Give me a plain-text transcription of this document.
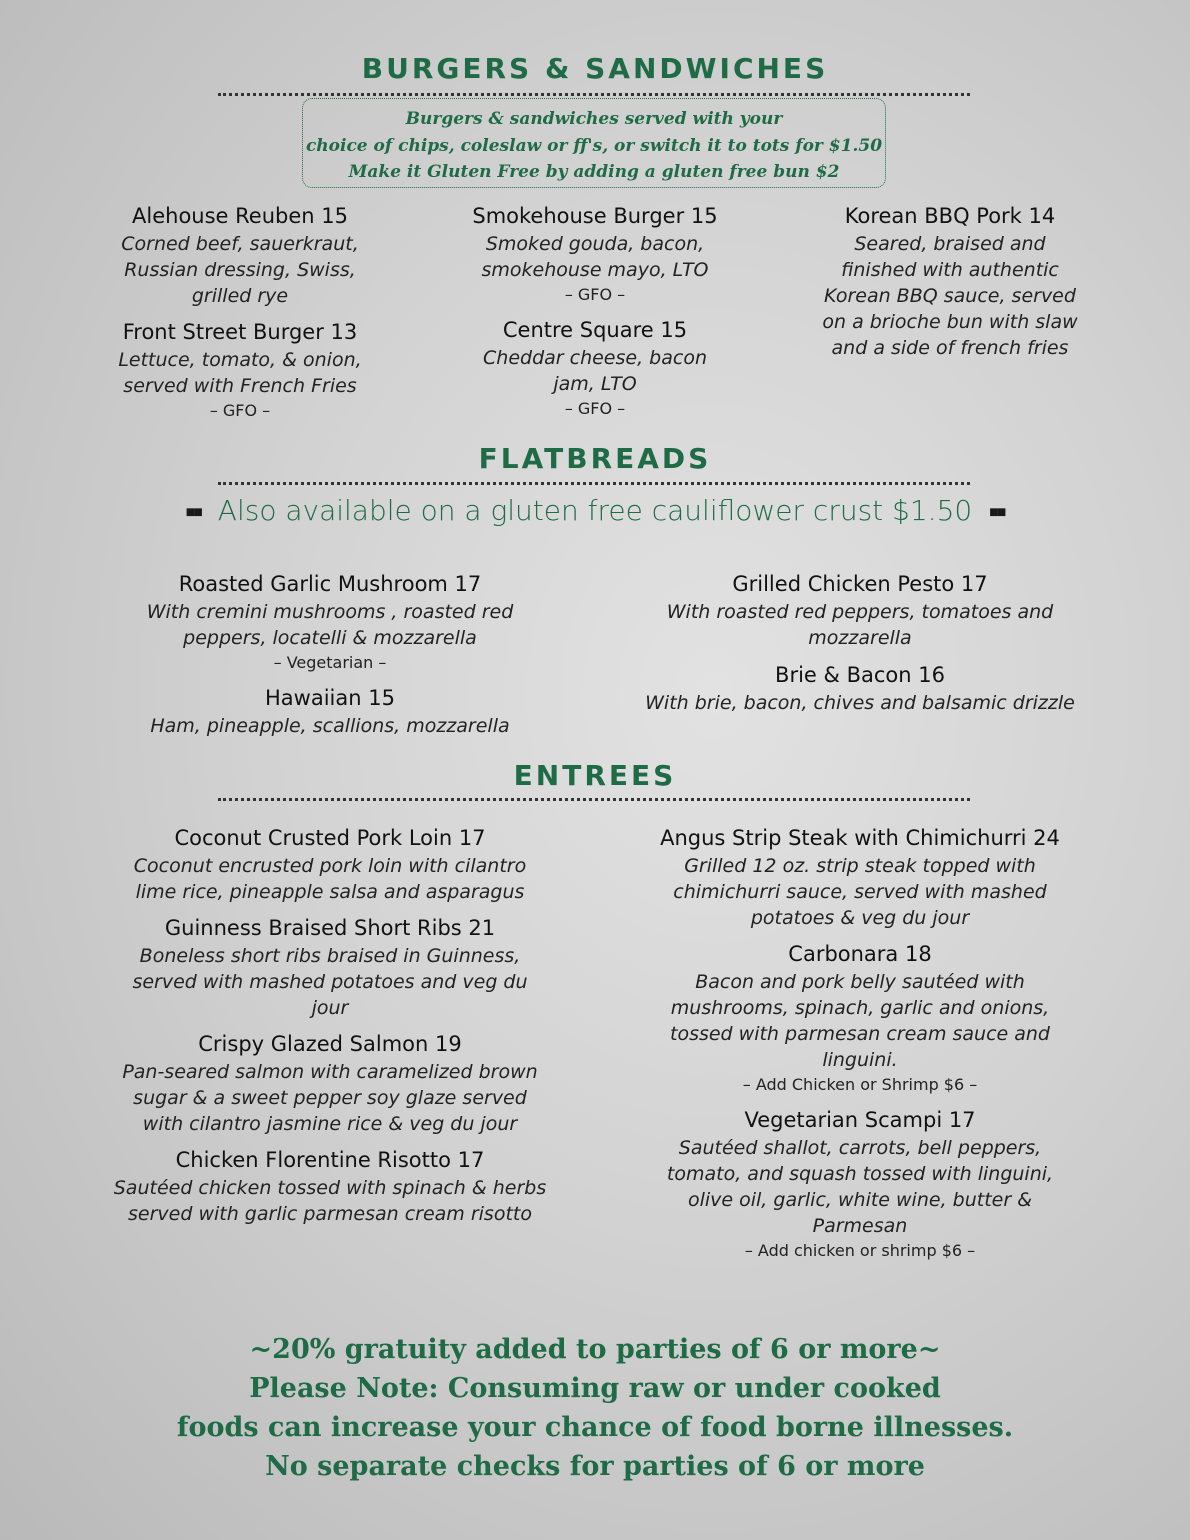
BURGERS & SANDWICHES
Burgers & sandwiches served with your
choice of chips, coleslaw or ff's, or switch it to tots for $1.50
Make it Gluten Free by adding a gluten free bun $2
Alehouse Reuben 15
Corned beef, sauerkraut,
Russian dressing, Swiss,
grilled rye
Front Street Burger 13
Lettuce, tomato, & onion,
served with French Fries
– GFO –
Smokehouse Burger 15
Smoked gouda, bacon,
smokehouse mayo, LTO
– GFO –
Centre Square 15
Cheddar cheese, bacon
jam, LTO
– GFO –
Korean BBQ Pork 14
Seared, braised and
finished with authentic
Korean BBQ sauce, served
on a brioche bun with slaw
and a side of french fries
FLATBREADS
■■ Also available on a gluten free cauliflower crust $1.50 ■■
Roasted Garlic Mushroom 17
With cremini mushrooms , roasted red
peppers, locatelli & mozzarella
– Vegetarian –
Hawaiian 15
Ham, pineapple, scallions, mozzarella
Grilled Chicken Pesto 17
With roasted red peppers, tomatoes and
mozzarella
Brie & Bacon 16
With brie, bacon, chives and balsamic drizzle
ENTREES
Coconut Crusted Pork Loin 17
Coconut encrusted pork loin with cilantro
lime rice, pineapple salsa and asparagus
Guinness Braised Short Ribs 21
Boneless short ribs braised in Guinness,
served with mashed potatoes and veg du
jour
Crispy Glazed Salmon 19
Pan-seared salmon with caramelized brown
sugar & a sweet pepper soy glaze served
with cilantro jasmine rice & veg du jour
Chicken Florentine Risotto 17
Sautéed chicken tossed with spinach & herbs
served with garlic parmesan cream risotto
Angus Strip Steak with Chimichurri 24
Grilled 12 oz. strip steak topped with
chimichurri sauce, served with mashed
potatoes & veg du jour
Carbonara 18
Bacon and pork belly sautéed with
mushrooms, spinach, garlic and onions,
tossed with parmesan cream sauce and
linguini.
– Add Chicken or Shrimp $6 –
Vegetarian Scampi 17
Sautéed shallot, carrots, bell peppers,
tomato, and squash tossed with linguini,
olive oil, garlic, white wine, butter &
Parmesan
– Add chicken or shrimp $6 –
~20% gratuity added to parties of 6 or more~
Please Note: Consuming raw or under cooked
foods can increase your chance of food borne illnesses.
No separate checks for parties of 6 or more
